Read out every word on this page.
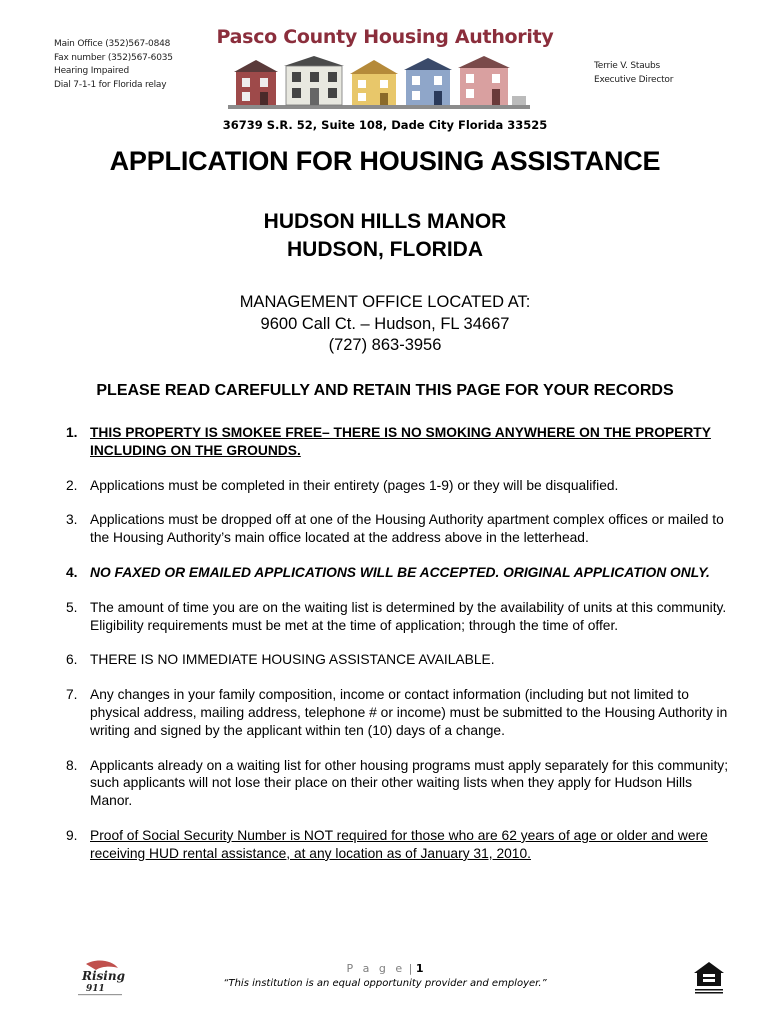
Main Office (352)567-0848
Fax number (352)567-6035
Hearing Impaired
Dial 7-1-1 for Florida relay
Pasco County Housing Authority
Terrie V. Staubs
Executive Director
36739 S.R. 52, Suite 108, Dade City Florida 33525
APPLICATION FOR HOUSING ASSISTANCE
HUDSON HILLS MANOR
HUDSON, FLORIDA
MANAGEMENT OFFICE LOCATED AT:
9600 Call Ct. – Hudson, FL 34667
(727) 863-3956
PLEASE READ CAREFULLY AND RETAIN THIS PAGE FOR YOUR RECORDS
1. THIS PROPERTY IS SMOKEE FREE– THERE IS NO SMOKING ANYWHERE ON THE PROPERTY INCLUDING ON THE GROUNDS.
2. Applications must be completed in their entirety (pages 1-9) or they will be disqualified.
3. Applications must be dropped off at one of the Housing Authority apartment complex offices or mailed to the Housing Authority’s main office located at the address above in the letterhead.
4. NO FAXED OR EMAILED APPLICATIONS WILL BE ACCEPTED. ORIGINAL APPLICATION ONLY.
5. The amount of time you are on the waiting list is determined by the availability of units at this community. Eligibility requirements must be met at the time of application; through the time of offer.
6. THERE IS NO IMMEDIATE HOUSING ASSISTANCE AVAILABLE.
7. Any changes in your family composition, income or contact information (including but not limited to physical address, mailing address, telephone # or income) must be submitted to the Housing Authority in writing and signed by the applicant within ten (10) days of a change.
8. Applicants already on a waiting list for other housing programs must apply separately for this community; such applicants will not lose their place on their other waiting lists when they apply for Hudson Hills Manor.
9. Proof of Social Security Number is NOT required for those who are 62 years of age or older and were receiving HUD rental assistance, at any location as of January 31, 2010.
Rising
911
P a g e | 1
“This institution is an equal opportunity provider and employer.”
